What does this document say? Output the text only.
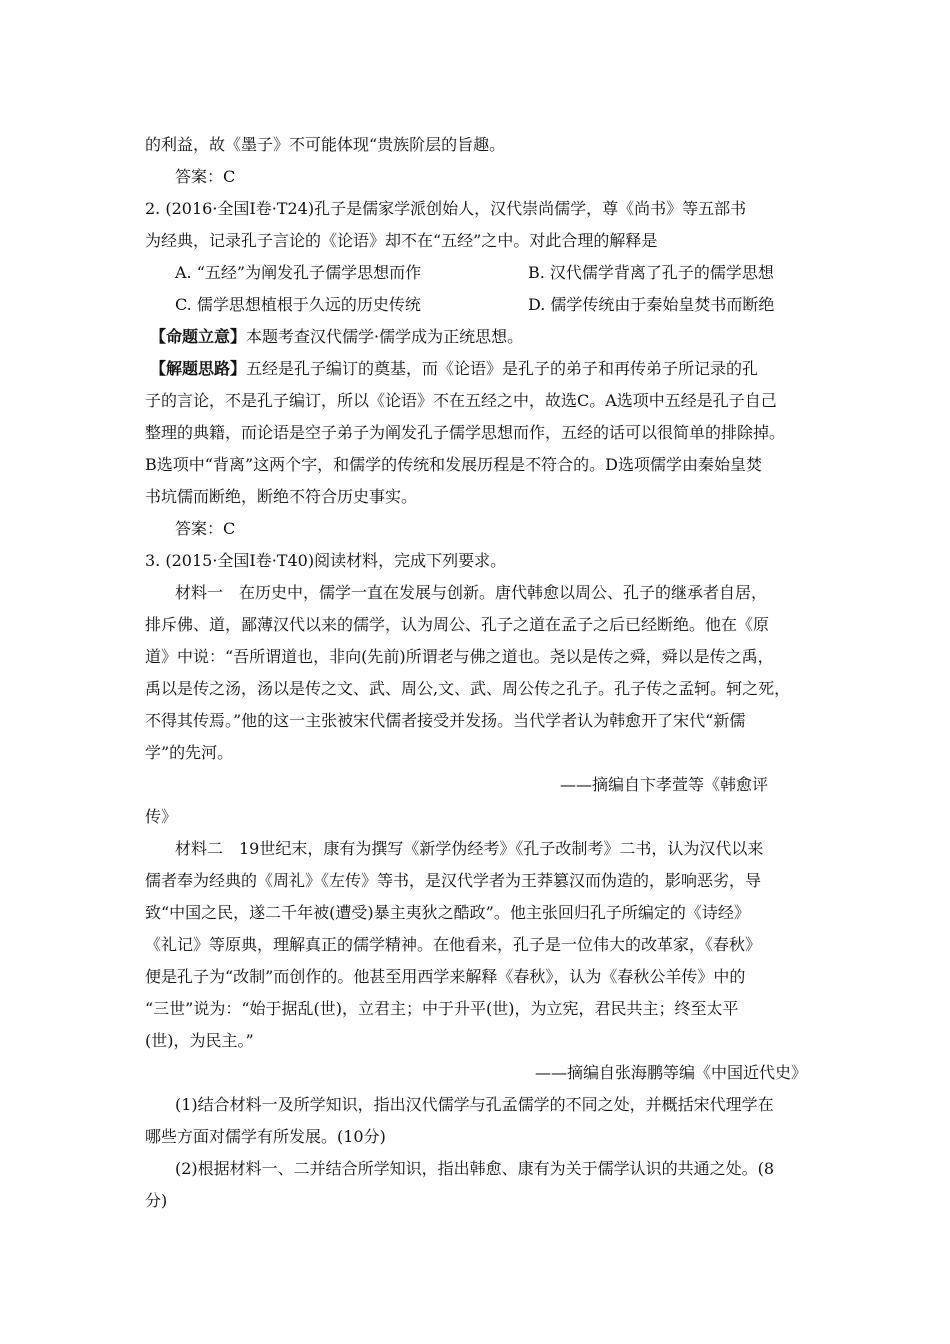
的利益，故《墨子》不可能体现“贵族阶层的旨趣。
答案：C
2. (2016·全国Ⅰ卷·T24)孔子是儒家学派创始人，汉代崇尚儒学，尊《尚书》等五部书
为经典，记录孔子言论的《论语》却不在“五经”之中。对此合理的解释是
A. “五经”为阐发孔子儒学思想而作	B. 汉代儒学背离了孔子的儒学思想
C. 儒学思想植根于久远的历史传统	D. 儒学传统由于秦始皇焚书而断绝
【命题立意】本题考查汉代儒学·儒学成为正统思想。
【解题思路】五经是孔子编订的奠基，而《论语》是孔子的弟子和再传弟子所记录的孔
子的言论，不是孔子编订，所以《论语》不在五经之中，故选C。A选项中五经是孔子自己
整理的典籍，而论语是空子弟子为阐发孔子儒学思想而作，五经的话可以很简单的排除掉。
B选项中“背离”这两个字，和儒学的传统和发展历程是不符合的。D选项儒学由秦始皇焚
书坑儒而断绝，断绝不符合历史事实。
答案：C
3. (2015·全国Ⅰ卷·T40)阅读材料，完成下列要求。
材料一　在历史中，儒学一直在发展与创新。唐代韩愈以周公、孔子的继承者自居，
排斥佛、道，鄙薄汉代以来的儒学，认为周公、孔子之道在孟子之后已经断绝。他在《原
道》中说：“吾所谓道也，非向(先前)所谓老与佛之道也。尧以是传之舜，舜以是传之禹，
禹以是传之汤，汤以是传之文、武、周公,文、武、周公传之孔子。孔子传之孟轲。轲之死，
不得其传焉。”他的这一主张被宋代儒者接受并发扬。当代学者认为韩愈开了宋代“新儒
学”的先河。
——摘编自卞孝萱等《韩愈评
传》
材料二　19世纪末，康有为撰写《新学伪经考》《孔子改制考》二书，认为汉代以来
儒者奉为经典的《周礼》《左传》等书，是汉代学者为王莽篡汉而伪造的，影响恶劣，导
致“中国之民，遂二千年被(遭受)暴主夷狄之酷政”。他主张回归孔子所编定的《诗经》
《礼记》等原典，理解真正的儒学精神。在他看来，孔子是一位伟大的改革家，《春秋》
便是孔子为“改制”而创作的。他甚至用西学来解释《春秋》，认为《春秋公羊传》中的
“三世”说为：“始于据乱(世)，立君主；中于升平(世)，为立宪，君民共主；终至太平
(世)，为民主。”
——摘编自张海鹏等编《中国近代史》
(1)结合材料一及所学知识，指出汉代儒学与孔孟儒学的不同之处，并概括宋代理学在
哪些方面对儒学有所发展。(10分)
(2)根据材料一、二并结合所学知识，指出韩愈、康有为关于儒学认识的共通之处。(8
分)
